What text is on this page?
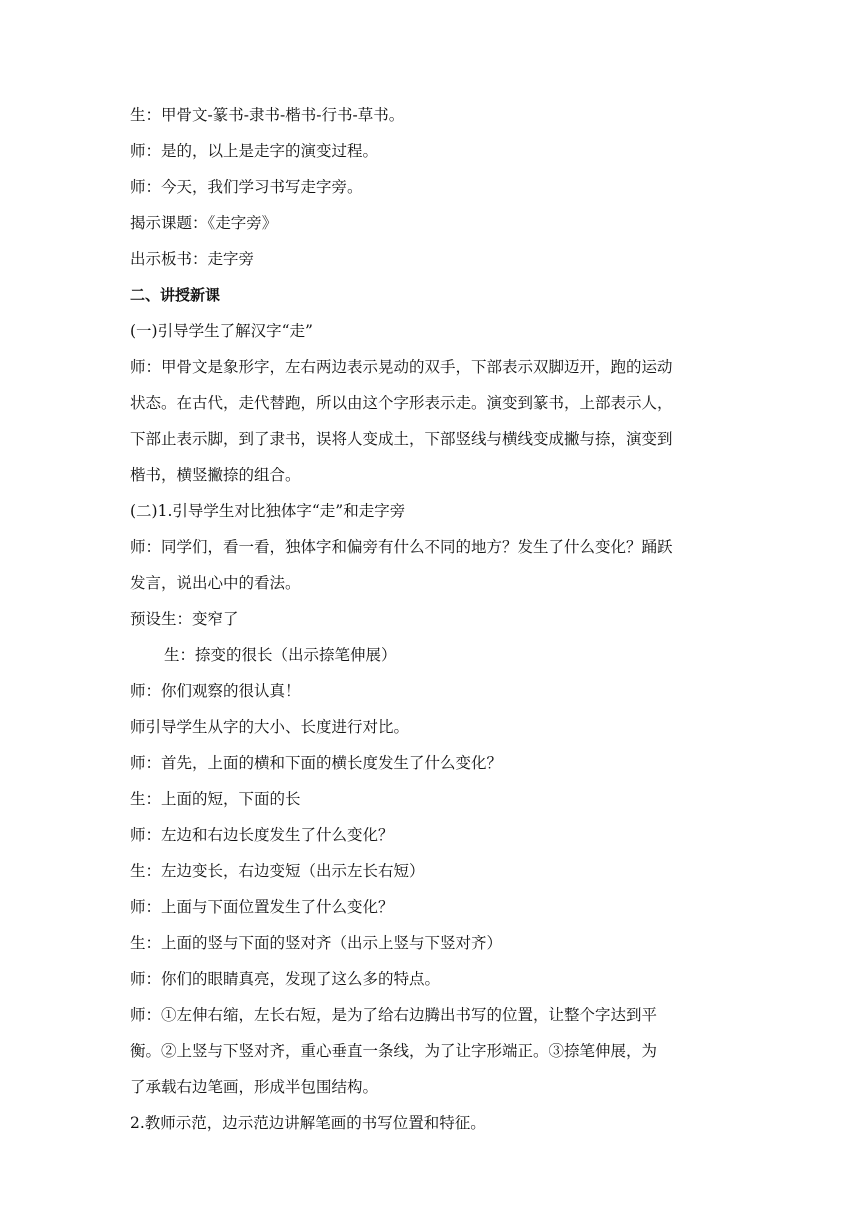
生：甲骨文-篆书-隶书-楷书-行书-草书。
师：是的，以上是走字的演变过程。
师：今天，我们学习书写走字旁。
揭示课题：《走字旁》
出示板书：走字旁
二、讲授新课
(一)引导学生了解汉字“走”
师：甲骨文是象形字，左右两边表示晃动的双手，下部表示双脚迈开，跑的运动
状态。在古代，走代替跑，所以由这个字形表示走。演变到篆书，上部表示人，
下部止表示脚，到了隶书，误将人变成土，下部竖线与横线变成撇与捺，演变到
楷书，横竖撇捺的组合。
(二)1.引导学生对比独体字“走”和走字旁
师：同学们，看一看，独体字和偏旁有什么不同的地方？发生了什么变化？踊跃
发言，说出心中的看法。
预设生：变窄了
生：捺变的很长（出示捺笔伸展）
师：你们观察的很认真！
师引导学生从字的大小、长度进行对比。
师：首先，上面的横和下面的横长度发生了什么变化？
生：上面的短，下面的长
师：左边和右边长度发生了什么变化？
生：左边变长，右边变短（出示左长右短）
师：上面与下面位置发生了什么变化？
生：上面的竖与下面的竖对齐（出示上竖与下竖对齐）
师：你们的眼睛真亮，发现了这么多的特点。
师：①左伸右缩，左长右短，是为了给右边腾出书写的位置，让整个字达到平
衡。②上竖与下竖对齐，重心垂直一条线，为了让字形端正。③捺笔伸展，为
了承载右边笔画，形成半包围结构。
2.教师示范，边示范边讲解笔画的书写位置和特征。
